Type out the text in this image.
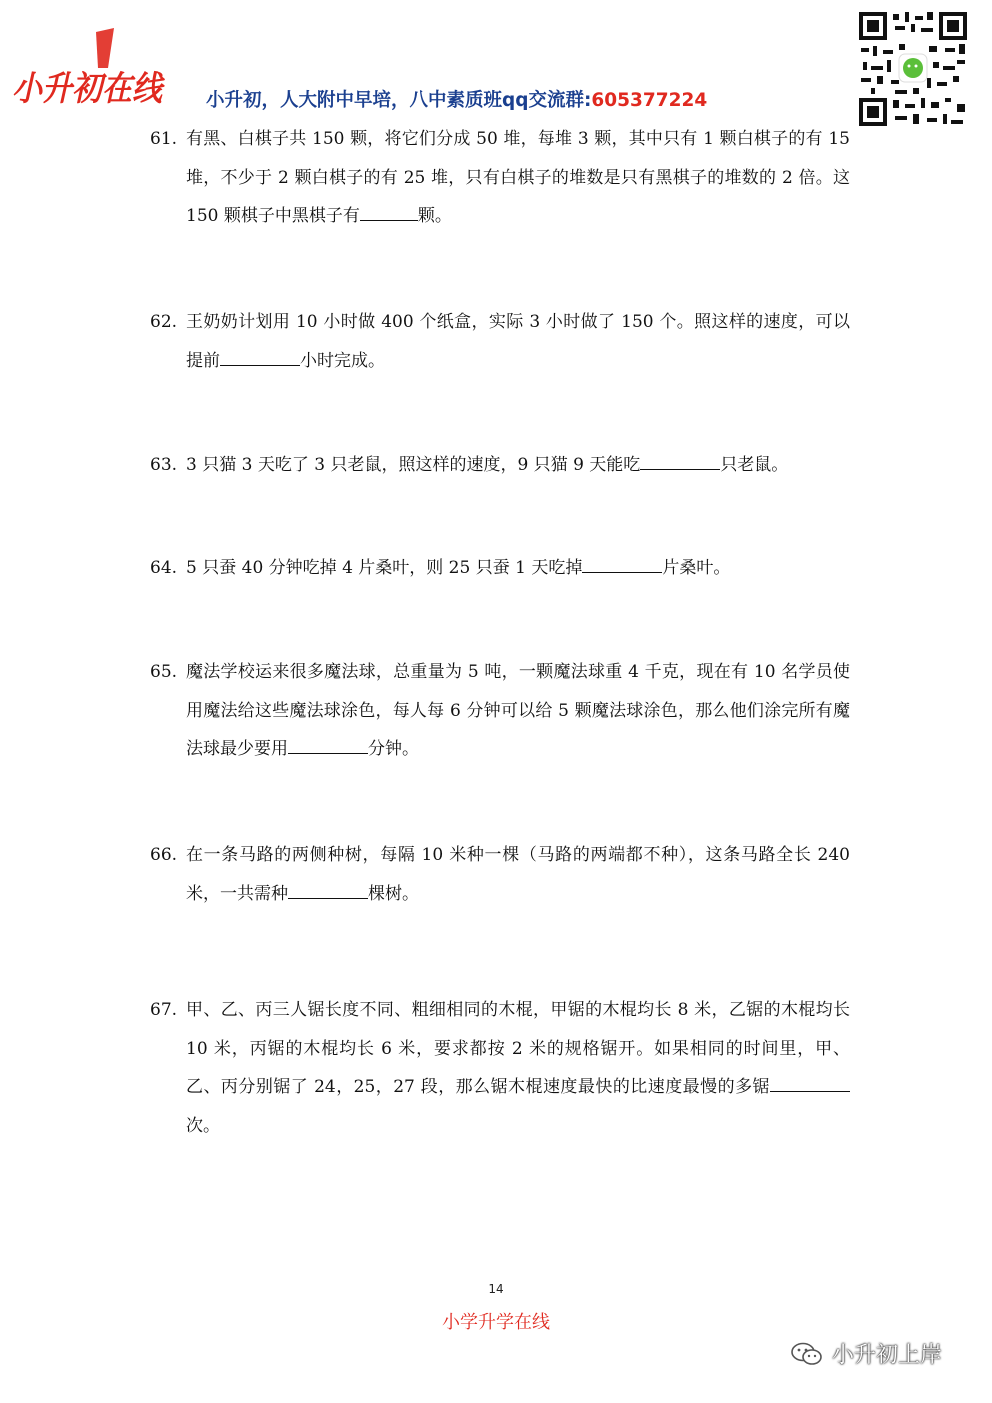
小升初在线 小升初，人大附中早培，八中素质班qq交流群:605377224
61. 有黑、白棋子共 150 颗，将它们分成 50 堆，每堆 3 颗，其中只有 1 颗白棋子的有 15 堆，不少于 2 颗白棋子的有 25 堆，只有白棋子的堆数是只有黑棋子的堆数的 2 倍。这 150 颗棋子中黑棋子有	颗。
62. 王奶奶计划用 10 小时做 400 个纸盒，实际 3 小时做了 150 个。照这样的速度，可以提前	小时完成。
63. 3 只猫 3 天吃了 3 只老鼠，照这样的速度，9 只猫 9 天能吃	只老鼠。
64. 5 只蚕 40 分钟吃掉 4 片桑叶，则 25 只蚕 1 天吃掉	片桑叶。
65. 魔法学校运来很多魔法球，总重量为 5 吨，一颗魔法球重 4 千克，现在有 10 名学员使用魔法给这些魔法球涂色，每人每 6 分钟可以给 5 颗魔法球涂色，那么他们涂完所有魔法球最少要用	分钟。
66. 在一条马路的两侧种树，每隔 10 米种一棵（马路的两端都不种），这条马路全长 240 米，一共需种	棵树。
67. 甲、乙、丙三人锯长度不同、粗细相同的木棍，甲锯的木棍均长 8 米，乙锯的木棍均长 10 米，丙锯的木棍均长 6 米，要求都按 2 米的规格锯开。如果相同的时间里，甲、乙、丙分别锯了 24，25，27 段，那么锯木棍速度最快的比速度最慢的多锯次。
14
小学升学在线
小升初上岸
